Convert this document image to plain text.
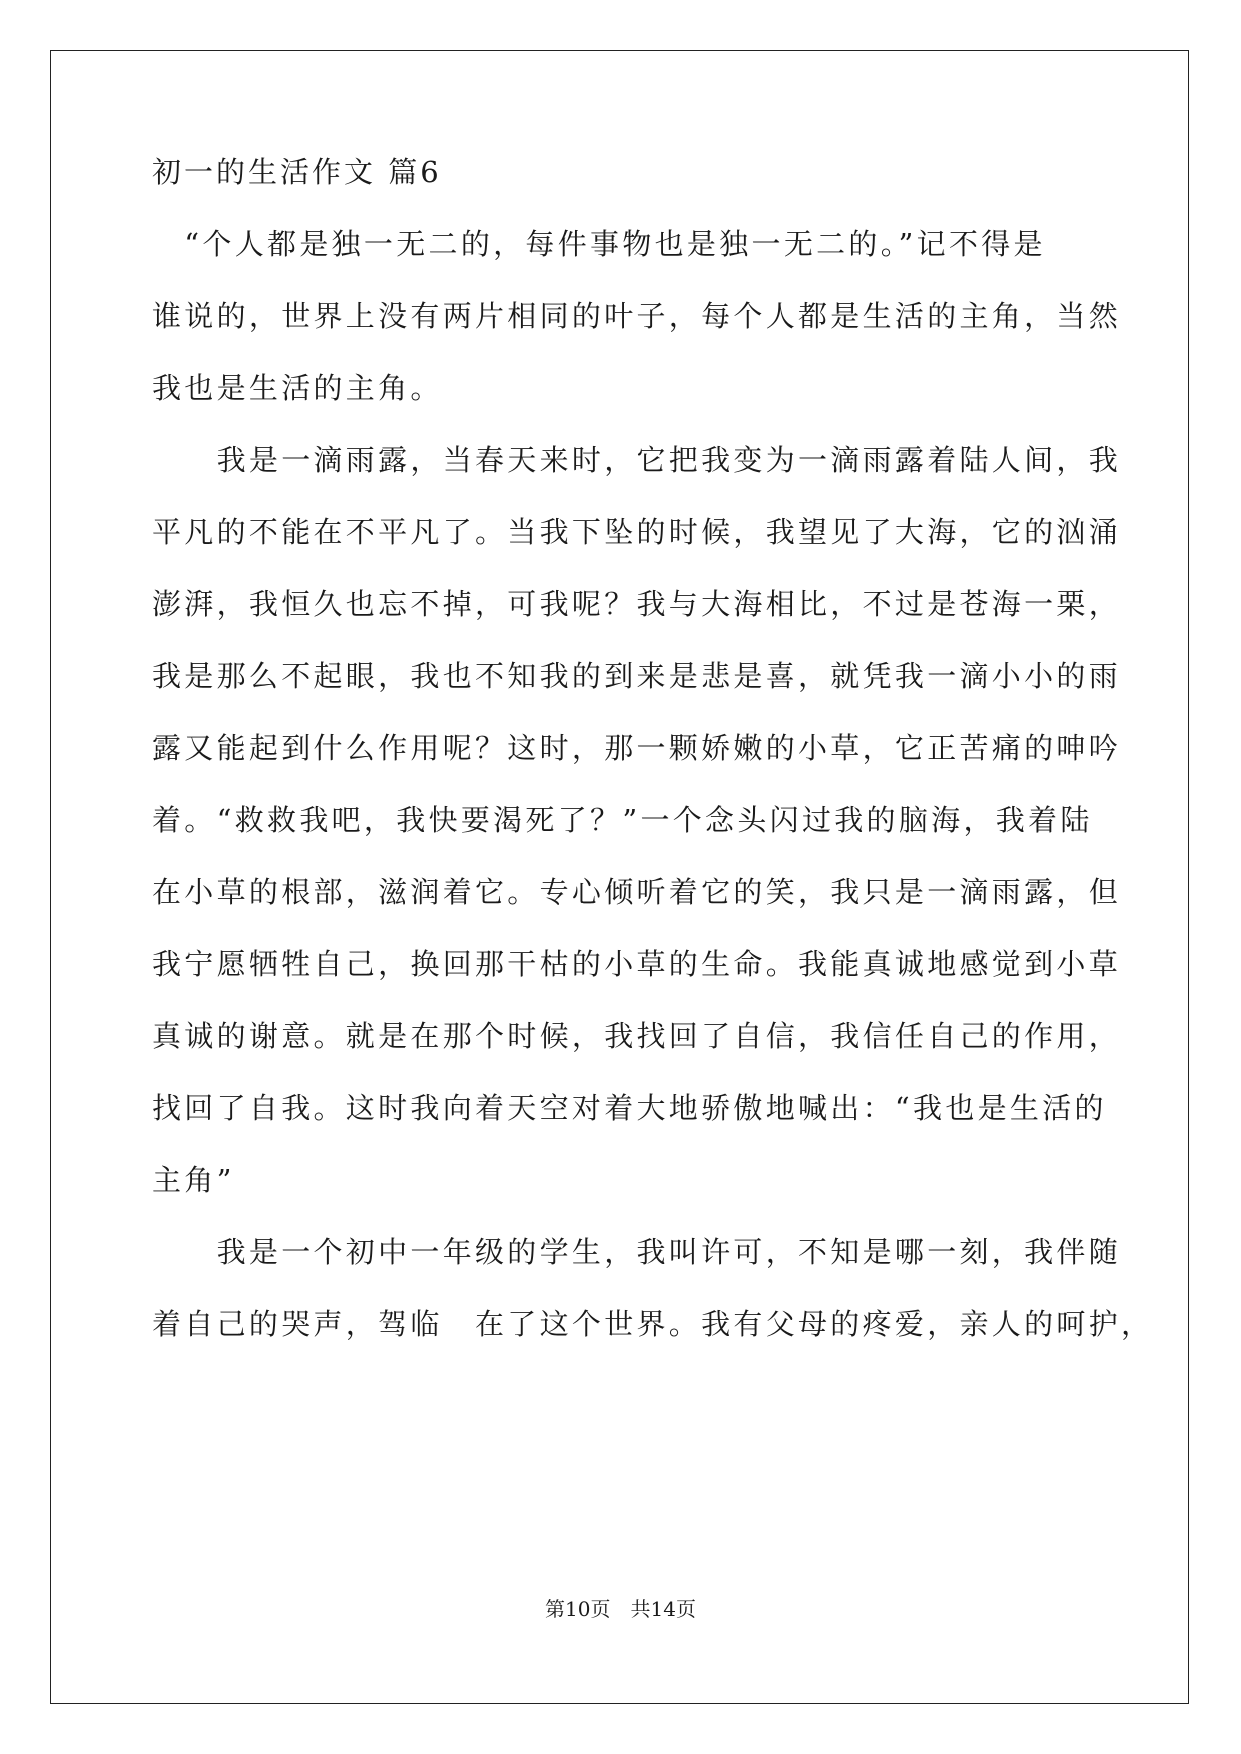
初一的生活作文 篇6
　“个人都是独一无二的，每件事物也是独一无二的。”记不得是
谁说的，世界上没有两片相同的叶子，每个人都是生活的主角，当然
我也是生活的主角。
　　我是一滴雨露，当春天来时，它把我变为一滴雨露着陆人间，我
平凡的不能在不平凡了。当我下坠的时候，我望见了大海，它的汹涌
澎湃，我恒久也忘不掉，可我呢？我与大海相比，不过是苍海一栗，
我是那么不起眼，我也不知我的到来是悲是喜，就凭我一滴小小的雨
露又能起到什么作用呢？这时，那一颗娇嫩的小草，它正苦痛的呻吟
着。“救救我吧，我快要渴死了？”一个念头闪过我的脑海，我着陆
在小草的根部，滋润着它。专心倾听着它的笑，我只是一滴雨露，但
我宁愿牺牲自己，换回那干枯的小草的生命。我能真诚地感觉到小草
真诚的谢意。就是在那个时候，我找回了自信，我信任自己的作用，
找回了自我。这时我向着天空对着大地骄傲地喊出：“我也是生活的
主角”
　　我是一个初中一年级的学生，我叫许可，不知是哪一刻，我伴随
着自己的哭声，驾临　在了这个世界。我有父母的疼爱，亲人的呵护，
第10页　共14页
